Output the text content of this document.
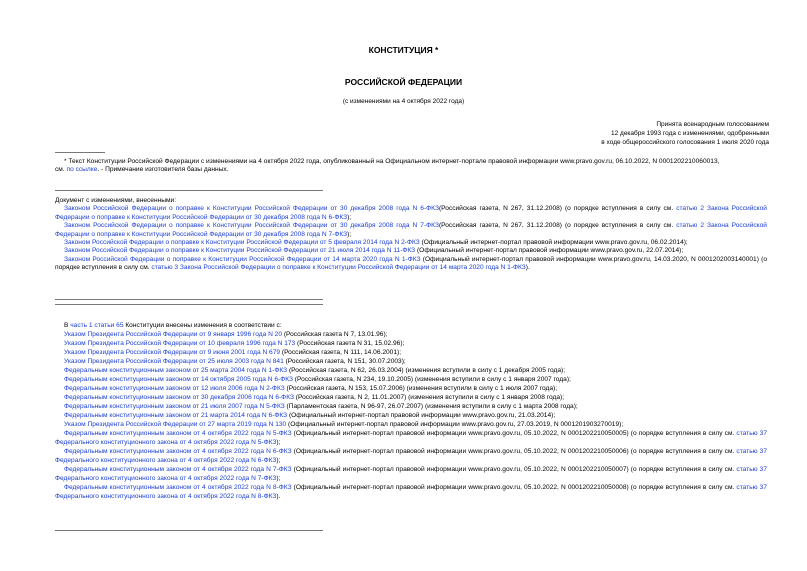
КОНСТИТУЦИЯ *
РОССИЙСКОЙ ФЕДЕРАЦИИ
(с изменениями на 4 октября 2022 года)
Принята всенародным голосованием
12 декабря 1993 года с изменениями, одобренными
в ходе общероссийского голосования 1 июля 2020 года
* Текст Конституции Российской Федерации с изменениями на 4 октября 2022 года, опубликованный на Официальном интернет-портале правовой информации www.pravo.gov.ru, 06.10.2022, N 0001202210060013,
см. по ссылке. - Примечание изготовителя базы данных.
Документ с изменениями, внесенными:
Законом Российской Федерации о поправке к Конституции Российской Федерации от 30 декабря 2008 года N 6-ФКЗ(Российская газета, N 267, 31.12.2008) (о порядке вступления в силу см. статью 2 Закона Российской Федерации о поправке к Конституции Российской Федерации от 30 декабря 2008 года N 6-ФКЗ);
Законом Российской Федерации о поправке к Конституции Российской Федерации от 30 декабря 2008 года N 7-ФКЗ(Российская газета, N 267, 31.12.2008) (о порядке вступления в силу см. статью 2 Закона Российской Федерации о поправке к Конституции Российской Федерации от 30 декабря 2008 года N 7-ФКЗ);
Законом Российской Федерации о поправке к Конституции Российской Федерации от 5 февраля 2014 года N 2-ФКЗ (Официальный интернет-портал правовой информации www.pravo.gov.ru, 06.02.2014);
Законом Российской Федерации о поправке к Конституции Российской Федерации от 21 июля 2014 года N 11-ФКЗ (Официальный интернет-портал правовой информации www.pravo.gov.ru, 22.07.2014);
Законом Российской Федерации о поправке к Конституции Российской Федерации от 14 марта 2020 года N 1-ФКЗ (Официальный интернет-портал правовой информации www.pravo.gov.ru, 14.03.2020, N 0001202003140001) (о порядке вступления в силу см. статью 3 Закона Российской Федерации о поправке к Конституции Российской Федерации от 14 марта 2020 года N 1-ФКЗ).
В часть 1 статьи 65 Конституции внесены изменения в соответствии с:
Указом Президента Российской Федерации от 9 января 1996 года N 20 (Российская газета N 7, 13.01.96);
Указом Президента Российской Федерации от 10 февраля 1996 года N 173 (Российская газета N 31, 15.02.96);
Указом Президента Российской Федерации от 9 июня 2001 года N 679 (Российская газета, N 111, 14.06.2001);
Указом Президента Российской Федерации от 25 июля 2003 года N 841 (Российская газета, N 151, 30.07.2003);
Федеральным конституционным законом от 25 марта 2004 года N 1-ФКЗ (Российская газета, N 62, 26.03.2004) (изменения вступили в силу с 1 декабря 2005 года);
Федеральным конституционным законом от 14 октября 2005 года N 6-ФКЗ (Российская газета, N 234, 19.10.2005) (изменения вступили в силу с 1 января 2007 года);
Федеральным конституционным законом от 12 июля 2006 года N 2-ФКЗ (Российская газета, N 153, 15.07.2006) (изменения вступили в силу с 1 июля 2007 года);
Федеральным конституционным законом от 30 декабря 2006 года N 6-ФКЗ (Российская газета, N 2, 11.01.2007) (изменения вступили в силу с 1 января 2008 года);
Федеральным конституционным законом от 21 июля 2007 года N 5-ФКЗ (Парламентская газета, N 96-97, 26.07.2007) (изменения вступили в силу с 1 марта 2008 года);
Федеральным конституционным законом от 21 марта 2014 года N 6-ФКЗ (Официальный интернет-портал правовой информации www.pravo.gov.ru, 21.03.2014);
Указом Президента Российской Федерации от 27 марта 2019 года N 130 (Официальный интернет-портал правовой информации www.pravo.gov.ru, 27.03.2019, N 0001201903270019);
Федеральным конституционным законом от 4 октября 2022 года N 5-ФКЗ (Официальный интернет-портал правовой информации www.pravo.gov.ru, 05.10.2022, N 0001202210050005) (о порядке вступления в силу см. статью 37 Федерального конституционного закона от 4 октября 2022 года N 5-ФКЗ);
Федеральным конституционным законом от 4 октября 2022 года N 6-ФКЗ (Официальный интернет-портал правовой информации www.pravo.gov.ru, 05.10.2022, N 0001202210050006) (о порядке вступления в силу см. статью 37 Федерального конституционного закона от 4 октября 2022 года N 6-ФКЗ);
Федеральным конституционным законом от 4 октября 2022 года N 7-ФКЗ (Официальный интернет-портал правовой информации www.pravo.gov.ru, 05.10.2022, N 0001202210050007) (о порядке вступления в силу см. статью 37 Федерального конституционного закона от 4 октября 2022 года N 7-ФКЗ);
Федеральным конституционным законом от 4 октября 2022 года N 8-ФКЗ (Официальный интернет-портал правовой информации www.pravo.gov.ru, 05.10.2022, N 0001202210050008) (о порядке вступления в силу см. статью 37 Федерального конституционного закона от 4 октября 2022 года N 8-ФКЗ).
